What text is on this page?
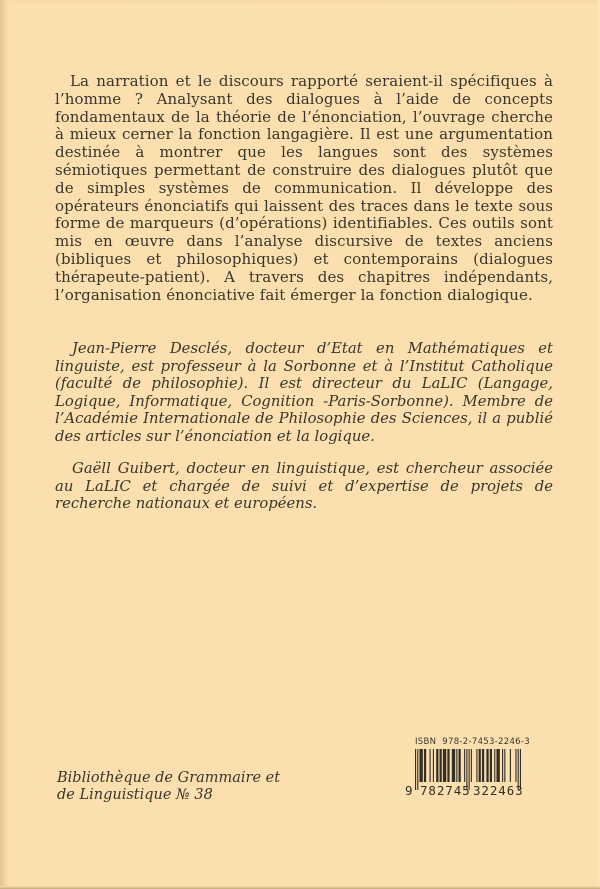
La narration et le discours rapporté seraient-il spécifiques à l’homme ? Analysant des dialogues à l’aide de concepts fondamentaux de la théorie de l’énonciation, l’ouvrage cherche à mieux cerner la fonction langagière. Il est une argumentation destinée à montrer que les langues sont des systèmes sémiotiques permettant de construire des dialogues plutôt que de simples systèmes de communication. Il développe des opérateurs énonciatifs qui laissent des traces dans le texte sous forme de marqueurs (d’opérations) identifiables. Ces outils sont mis en œuvre dans l’analyse discursive de textes anciens (bibliques et philosophiques) et contemporains (dialogues thérapeute-patient). A travers des chapitres indépendants, l’organisation énonciative fait émerger la fonction dialogique.

Jean-Pierre Desclés, docteur d’Etat en Mathématiques et linguiste, est professeur à la Sorbonne et à l’Institut Catholique (faculté de philosophie). Il est directeur du LaLIC (Langage, Logique, Informatique, Cognition -Paris-Sorbonne). Membre de l’Académie Internationale de Philosophie des Sciences, il a publié des articles sur l’énonciation et la logique.

Gaëll Guibert, docteur en linguistique, est chercheur associée au LaLIC et chargée de suivi et d’expertise de projets de recherche nationaux et européens.

Bibliothèque de Grammaire et
de Linguistique № 38
ISBN  978-2-7453-2246-3
9 782745 322463
